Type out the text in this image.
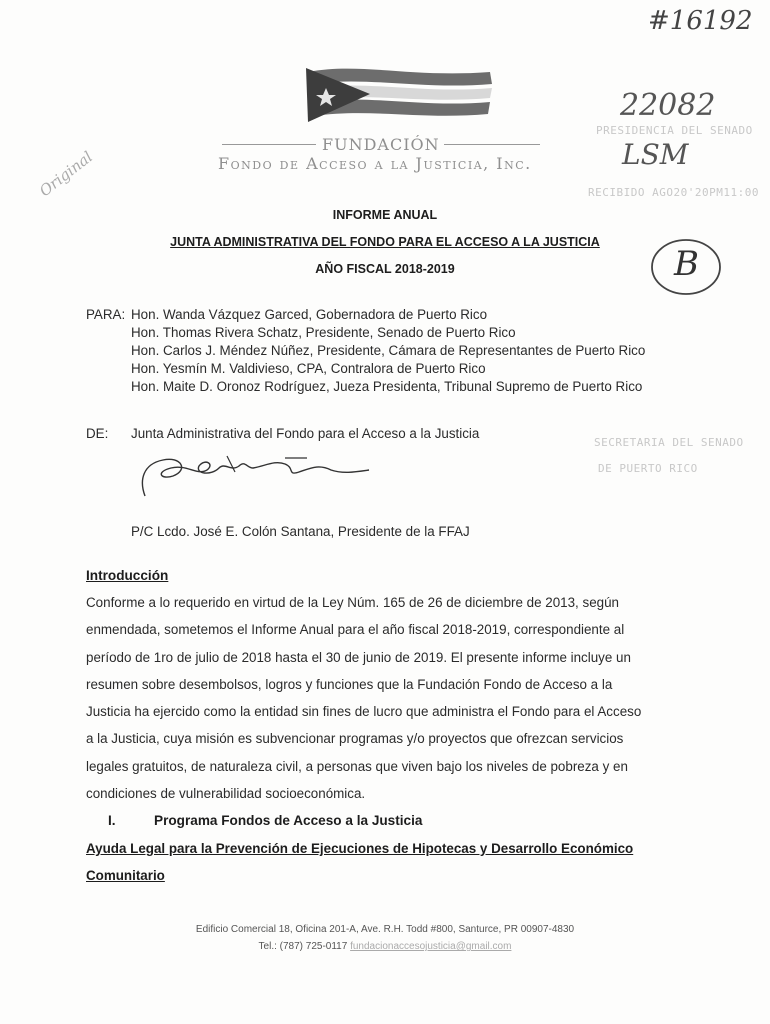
#16192
22082
LSM
Original
B
PRESIDENCIA DEL SENADO
RECIBIDO AGO20'20PM11:00
SECRETARIA DEL SENADO
DE PUERTO RICO
FUNDACIÓN
Fondo de Acceso a la Justicia, Inc.
INFORME ANUAL
JUNTA ADMINISTRATIVA DEL FONDO PARA EL ACCESO A LA JUSTICIA
AÑO FISCAL 2018-2019
PARA: Hon. Wanda Vázquez Garced, Gobernadora de Puerto Rico
Hon. Thomas Rivera Schatz, Presidente, Senado de Puerto Rico
Hon. Carlos J. Méndez Núñez, Presidente, Cámara de Representantes de Puerto Rico
Hon. Yesmín M. Valdivieso, CPA, Contralora de Puerto Rico
Hon. Maite D. Oronoz Rodríguez, Jueza Presidenta, Tribunal Supremo de Puerto Rico
DE: Junta Administrativa del Fondo para el Acceso a la Justicia
P/C Lcdo. José E. Colón Santana, Presidente de la FFAJ
Introducción
Conforme a lo requerido en virtud de la Ley Núm. 165 de 26 de diciembre de 2013, según
enmendada, sometemos el Informe Anual para el año fiscal 2018-2019, correspondiente al
período de 1ro de julio de 2018 hasta el 30 de junio de 2019. El presente informe incluye un
resumen sobre desembolsos, logros y funciones que la Fundación Fondo de Acceso a la
Justicia ha ejercido como la entidad sin fines de lucro que administra el Fondo para el Acceso
a la Justicia, cuya misión es subvencionar programas y/o proyectos que ofrezcan servicios
legales gratuitos, de naturaleza civil, a personas que viven bajo los niveles de pobreza y en
condiciones de vulnerabilidad socioeconómica.
I.	Programa Fondos de Acceso a la Justicia
Ayuda Legal para la Prevención de Ejecuciones de Hipotecas y Desarrollo Económico
Comunitario
Edificio Comercial 18, Oficina 201-A, Ave. R.H. Todd #800, Santurce, PR 00907-4830
Tel.: (787) 725-0117 fundacionaccesojusticia@gmail.com
